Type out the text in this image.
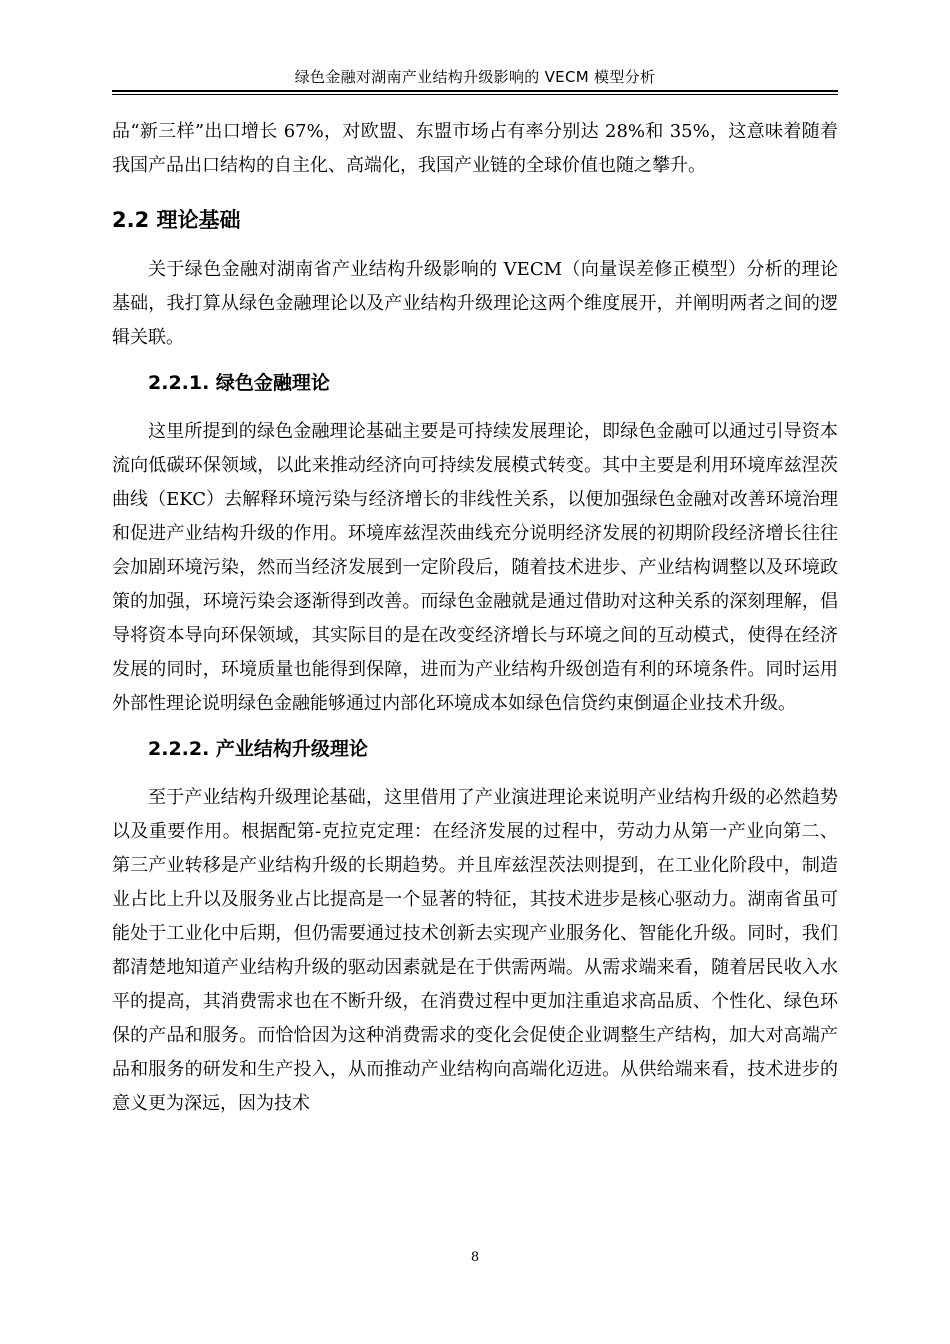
绿色金融对湖南产业结构升级影响的 VECM 模型分析

品“新三样”出口增长 67%，对欧盟、东盟市场占有率分别达 28%和 35%，这意味着随着我国产品出口结构的自主化、高端化，我国产业链的全球价值也随之攀升。

2.2 理论基础

关于绿色金融对湖南省产业结构升级影响的 VECM（向量误差修正模型）分析的理论基础，我打算从绿色金融理论以及产业结构升级理论这两个维度展开，并阐明两者之间的逻辑关联。

2.2.1. 绿色金融理论

这里所提到的绿色金融理论基础主要是可持续发展理论，即绿色金融可以通过引导资本流向低碳环保领域，以此来推动经济向可持续发展模式转变。其中主要是利用环境库兹涅茨曲线（EKC）去解释环境污染与经济增长的非线性关系，以便加强绿色金融对改善环境治理和促进产业结构升级的作用。环境库兹涅茨曲线充分说明经济发展的初期阶段经济增长往往会加剧环境污染，然而当经济发展到一定阶段后，随着技术进步、产业结构调整以及环境政策的加强，环境污染会逐渐得到改善。而绿色金融就是通过借助对这种关系的深刻理解，倡导将资本导向环保领域，其实际目的是在改变经济增长与环境之间的互动模式，使得在经济发展的同时，环境质量也能得到保障，进而为产业结构升级创造有利的环境条件。同时运用外部性理论说明绿色金融能够通过内部化环境成本如绿色信贷约束倒逼企业技术升级。

2.2.2. 产业结构升级理论

至于产业结构升级理论基础，这里借用了产业演进理论来说明产业结构升级的必然趋势以及重要作用。根据配第-克拉克定理：在经济发展的过程中，劳动力从第一产业向第二、第三产业转移是产业结构升级的长期趋势。并且库兹涅茨法则提到，在工业化阶段中，制造业占比上升以及服务业占比提高是一个显著的特征，其技术进步是核心驱动力。湖南省虽可能处于工业化中后期，但仍需要通过技术创新去实现产业服务化、智能化升级。同时，我们都清楚地知道产业结构升级的驱动因素就是在于供需两端。从需求端来看，随着居民收入水平的提高，其消费需求也在不断升级，在消费过程中更加注重追求高品质、个性化、绿色环保的产品和服务。而恰恰因为这种消费需求的变化会促使企业调整生产结构，加大对高端产品和服务的研发和生产投入，从而推动产业结构向高端化迈进。从供给端来看，技术进步的意义更为深远，因为技术

8
